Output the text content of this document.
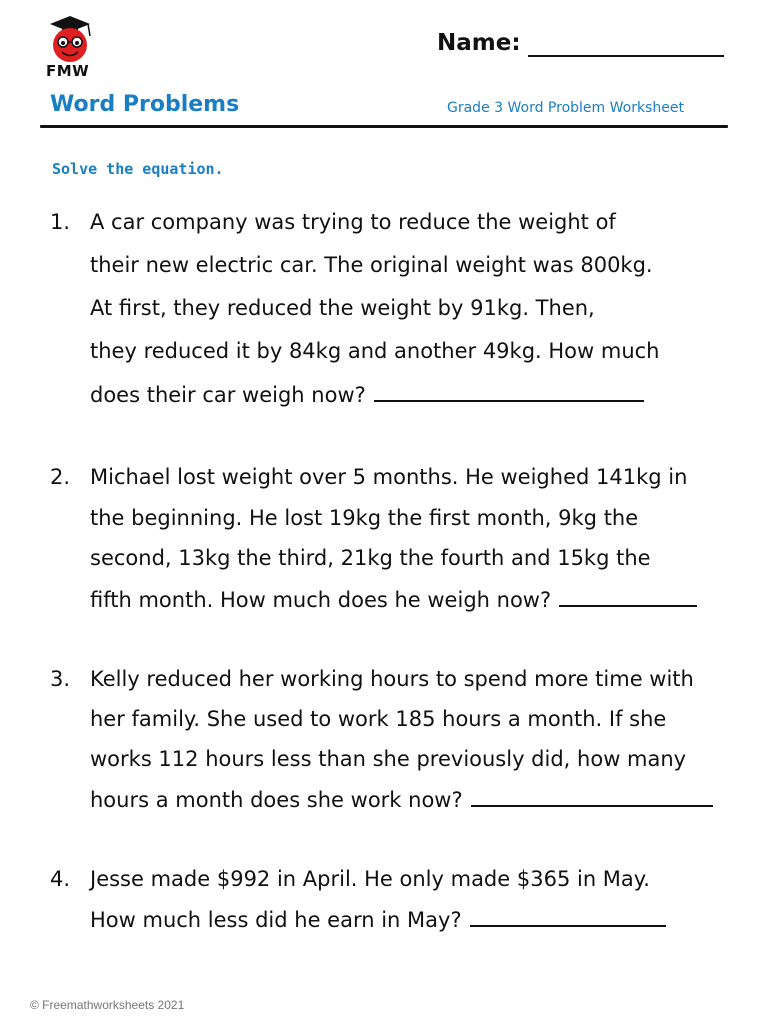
FMW
Name:
Word Problems	Grade 3 Word Problem Worksheet
Solve the equation.
1. A car company was trying to reduce the weight of
their new electric car. The original weight was 800kg.
At first, they reduced the weight by 91kg. Then,
they reduced it by 84kg and another 49kg. How much
does their car weigh now?
2. Michael lost weight over 5 months. He weighed 141kg in
the beginning. He lost 19kg the first month, 9kg the
second, 13kg the third, 21kg the fourth and 15kg the
fifth month. How much does he weigh now?
3. Kelly reduced her working hours to spend more time with
her family. She used to work 185 hours a month. If she
works 112 hours less than she previously did, how many
hours a month does she work now?
4. Jesse made $992 in April. He only made $365 in May.
How much less did he earn in May?
© Freemathworksheets 2021
